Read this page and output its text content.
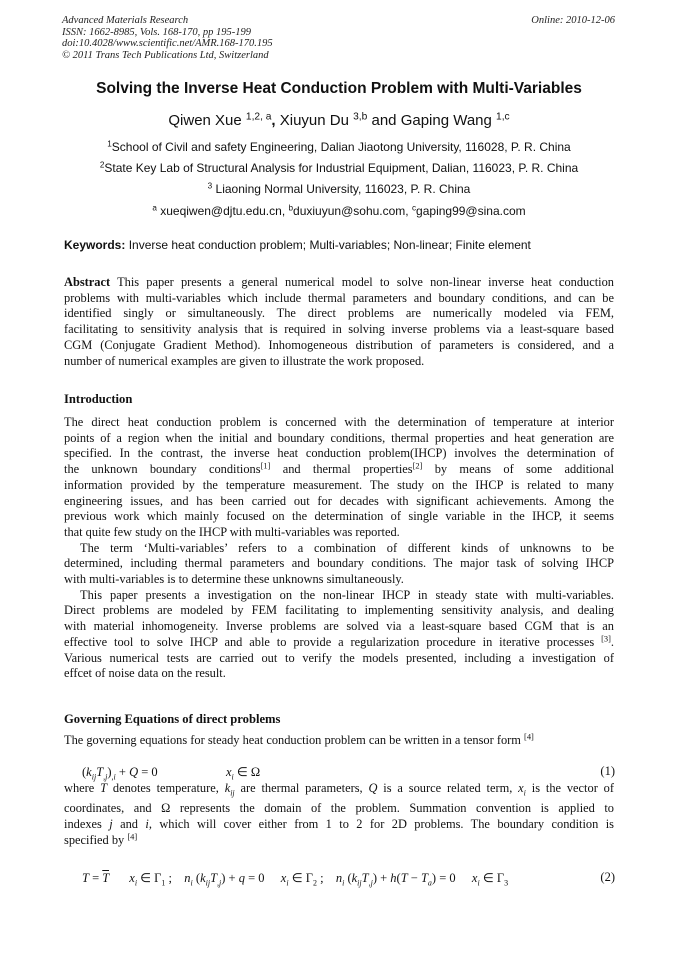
Advanced Materials Research
ISSN: 1662-8985, Vols. 168-170, pp 195-199
doi:10.4028/www.scientific.net/AMR.168-170.195
© 2011 Trans Tech Publications Ltd, Switzerland
Online: 2010-12-06
Solving the Inverse Heat Conduction Problem with Multi-Variables
Qiwen Xue $^{1,2, a}$, Xiuyun Du $^{3,b}$ and Gaping Wang $^{1,c}$
$^1$School of Civil and safety Engineering, Dalian Jiaotong University, 116028, P. R. China
$^2$State Key Lab of Structural Analysis for Industrial Equipment, Dalian, 116023, P. R. China
$^3$ Liaoning Normal University, 116023, P. R. China
$^a$ xueqiwen@djtu.edu.cn, $^b$duxiuyun@sohu.com, $^c$gaping99@sina.com
Keywords: Inverse heat conduction problem; Multi-variables; Non-linear; Finite element
Abstract This paper presents a general numerical model to solve non-linear inverse heat conduction
problems with multi-variables which include thermal parameters and boundary conditions, and can be
identified singly or simultaneously. The direct problems are numerically modeled via FEM,
facilitating to sensitivity analysis that is required in solving inverse problems via a least-square based
CGM (Conjugate Gradient Method). Inhomogeneous distribution of parameters is considered, and a
number of numerical examples are given to illustrate the work proposed.
Introduction
The direct heat conduction problem is concerned with the determination of temperature at interior
points of a region when the initial and boundary conditions, thermal properties and heat generation are
specified. In the contrast, the inverse heat conduction problem(IHCP) involves the determination of
the unknown boundary conditions[1] and thermal properties[2] by means of some additional
information provided by the temperature measurement. The study on the IHCP is related to many
engineering issues, and has been carried out for decades with significant achievements. Among the
previous work which mainly focused on the determination of single variable in the IHCP, it seems
that quite few study on the IHCP with multi-variables was reported.
The term ‘Multi-variables’ refers to a combination of different kinds of unknowns to be
determined, including thermal parameters and boundary conditions. The major task of solving IHCP
with multi-variables is to determine these unknowns simultaneously.
This paper presents a investigation on the non-linear IHCP in steady state with multi-variables.
Direct problems are modeled by FEM facilitating to implementing sensitivity analysis, and dealing
with material inhomogeneity. Inverse problems are solved via a least-square based CGM that is an
effective tool to solve IHCP and able to provide a regularization procedure in iterative processes [3].
Various numerical tests are carried out to verify the models presented, including a investigation of
effcet of noise data on the result.
Governing Equations of direct problems
The governing equations for steady heat conduction problem can be written in a tensor form [4]
$(k_{ij}T_{,j})_{,i} + Q = 0$	$x_i$ ∈ Ω	(1)
where T denotes temperature, $k_{ij}$ are thermal parameters, Q is a source related term, $x_i$ is the vector of
coordinates, and Ω represents the domain of the problem. Summation convention is applied to
indexes j and i, which will cover either from 1 to 2 for 2D problems. The boundary condition is
specified by [4]
$T = \overline{T}$  $x_i$ ∈ $\Gamma_1$ ;  $n_i$ $(k_{ij}T_{,j}) + q = 0$  $x_i$ ∈ $\Gamma_2$ ;  $n_i$ $(k_{ij}T_{,j}) + h(T - T_a) = 0$  $x_i$ ∈ $\Gamma_3$	(2)
